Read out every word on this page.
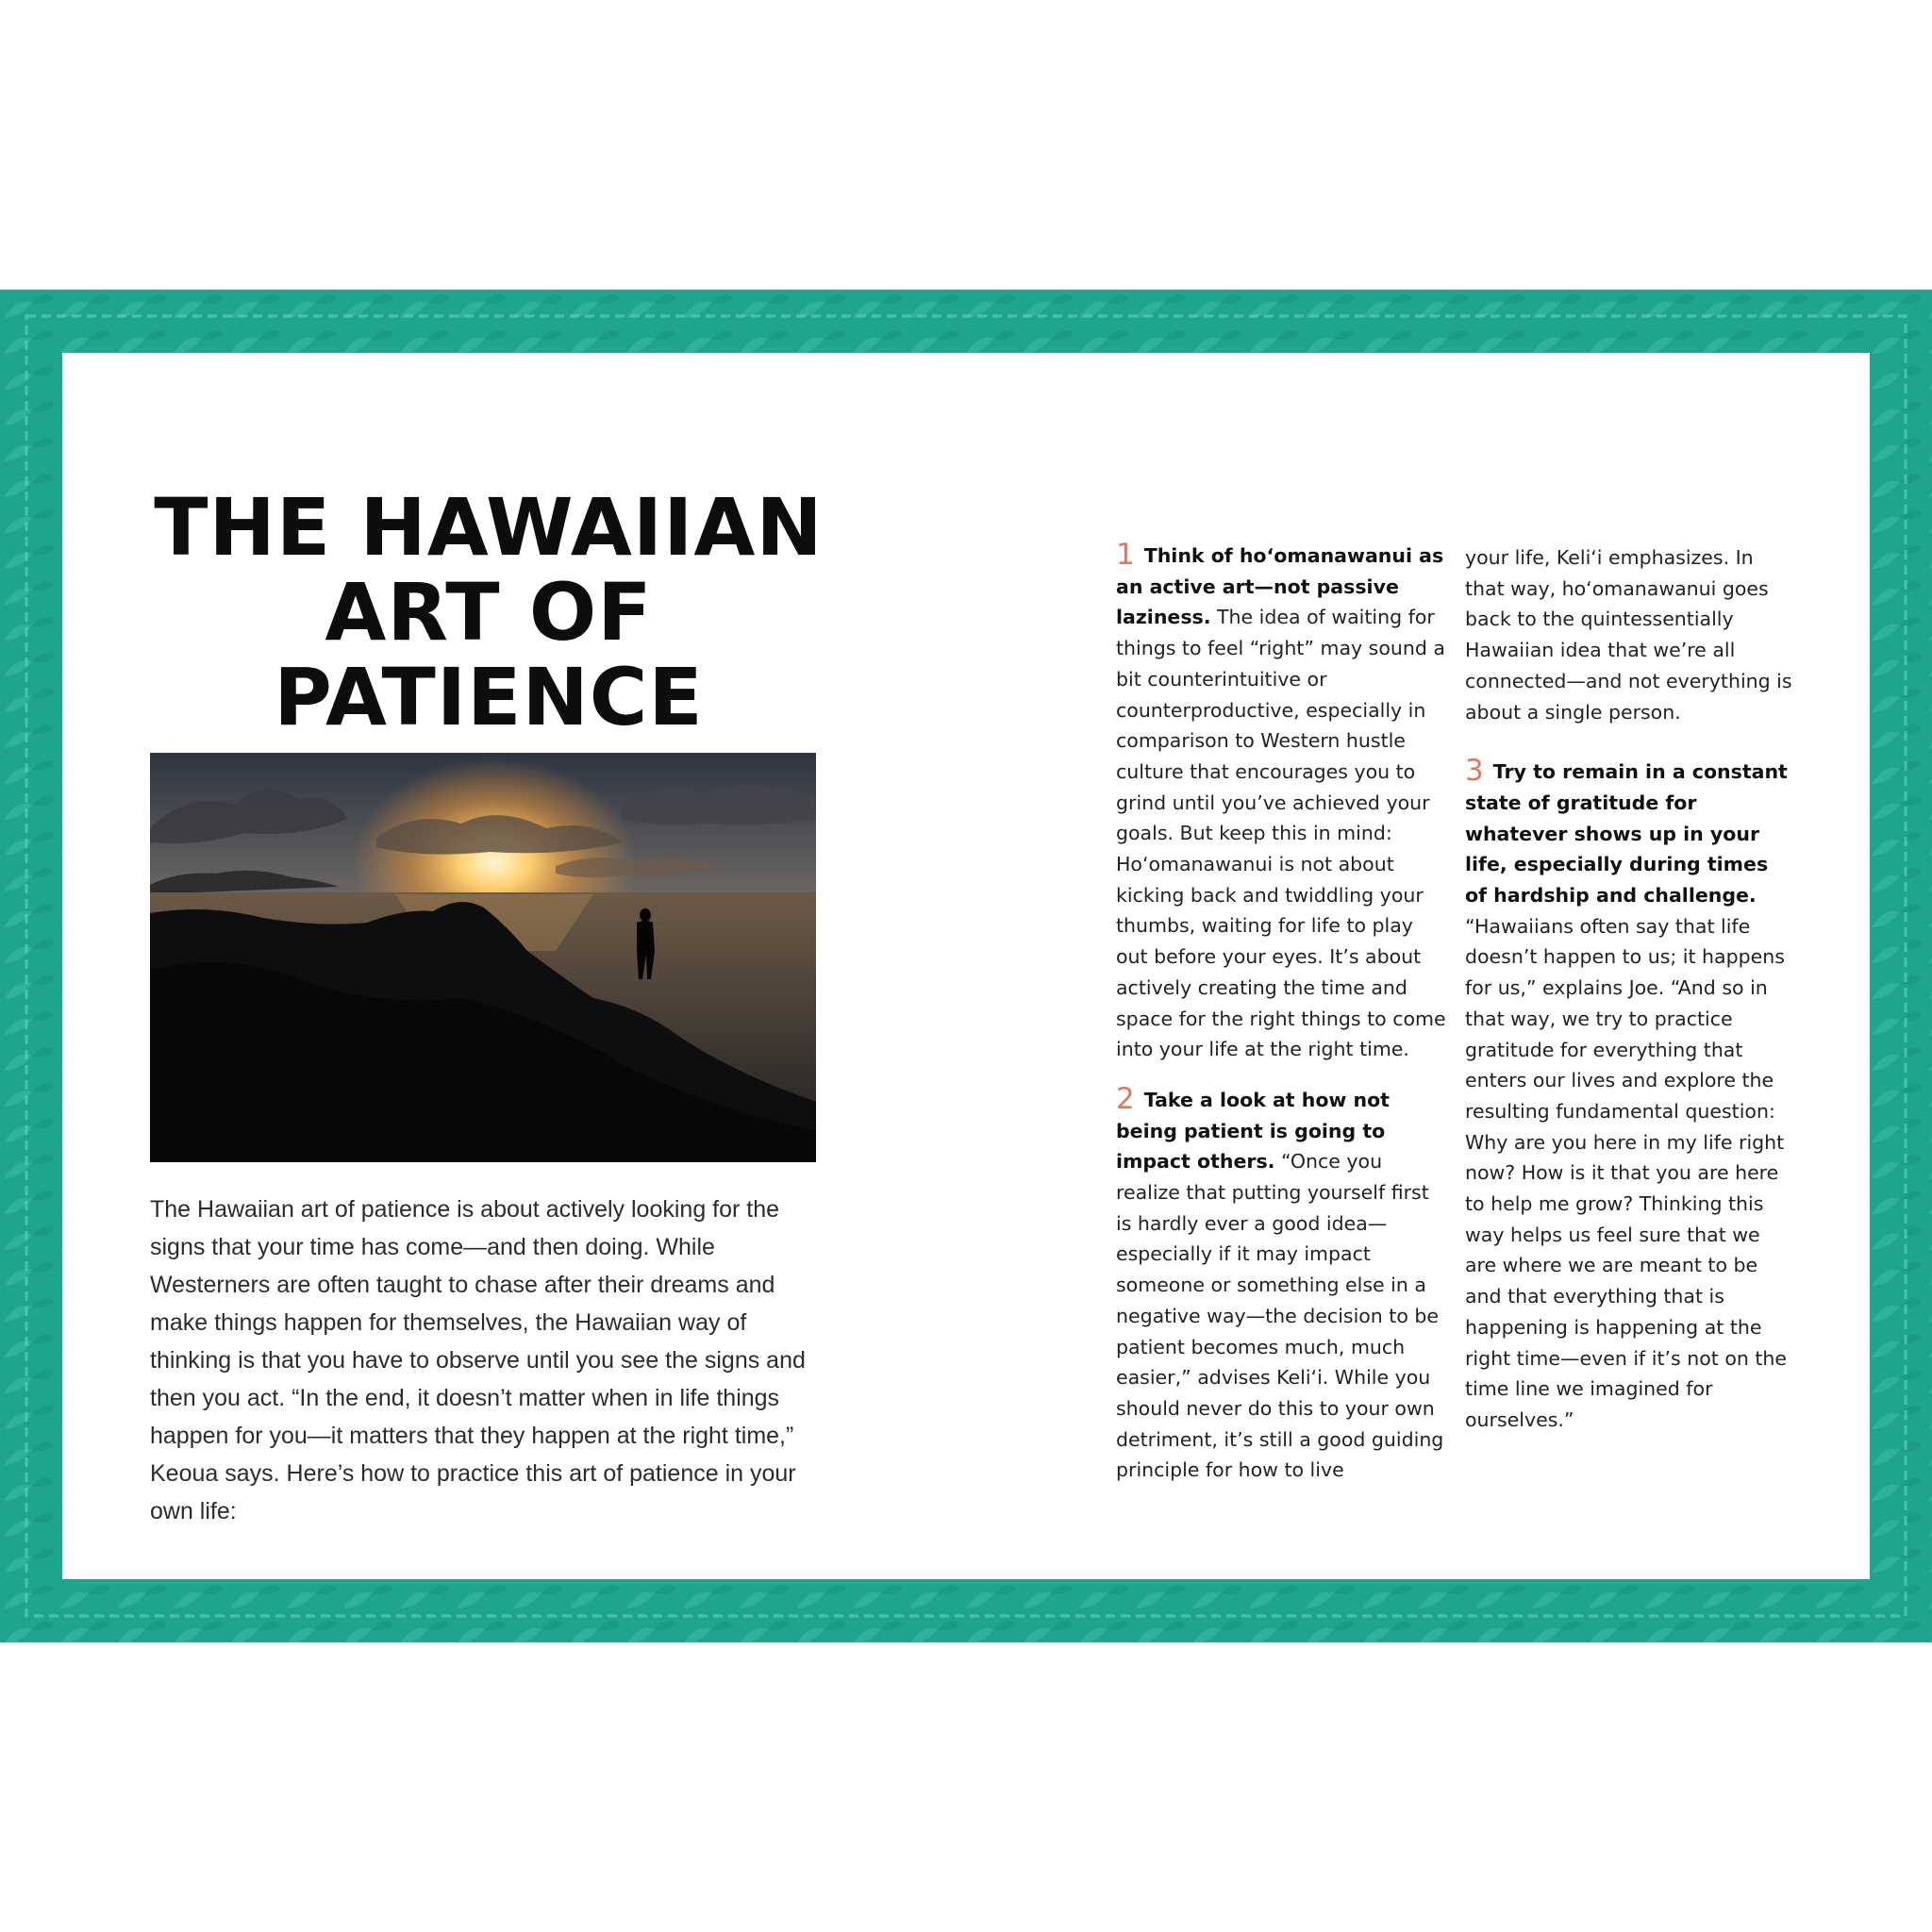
THE HAWAIIAN
ART OF PATIENCE

The Hawaiian art of patience is about actively looking for the signs that your time has come—and then doing. While Westerners are often taught to chase after their dreams and make things happen for themselves, the Hawaiian way of thinking is that you have to observe until you see the signs and then you act. “In the end, it doesn’t matter when in life things happen for you—it matters that they happen at the right time,” Keoua says. Here’s how to practice this art of patience in your own life:

1 Think of hoʻomanawanui as an active art—not passive laziness. The idea of waiting for things to feel “right” may sound a bit counterintuitive or counterproductive, especially in comparison to Western hustle culture that encourages you to grind until you’ve achieved your goals. But keep this in mind: Hoʻomanawanui is not about kicking back and twiddling your thumbs, waiting for life to play out before your eyes. It’s about actively creating the time and space for the right things to come into your life at the right time.

2 Take a look at how not being patient is going to impact others. “Once you realize that putting yourself first is hardly ever a good idea—especially if it may impact someone or something else in a negative way—the decision to be patient becomes much, much easier,” advises Keliʻi. While you should never do this to your own detriment, it’s still a good guiding principle for how to live

your life, Keliʻi emphasizes. In that way, hoʻomanawanui goes back to the quintessentially Hawaiian idea that we’re all connected—and not everything is about a single person.

3 Try to remain in a constant state of gratitude for whatever shows up in your life, especially during times of hardship and challenge. “Hawaiians often say that life doesn’t happen to us; it happens for us,” explains Joe. “And so in that way, we try to practice gratitude for everything that enters our lives and explore the resulting fundamental question: Why are you here in my life right now? How is it that you are here to help me grow? Thinking this way helps us feel sure that we are where we are meant to be and that everything that is happening is happening at the right time—even if it’s not on the time line we imagined for ourselves.”
